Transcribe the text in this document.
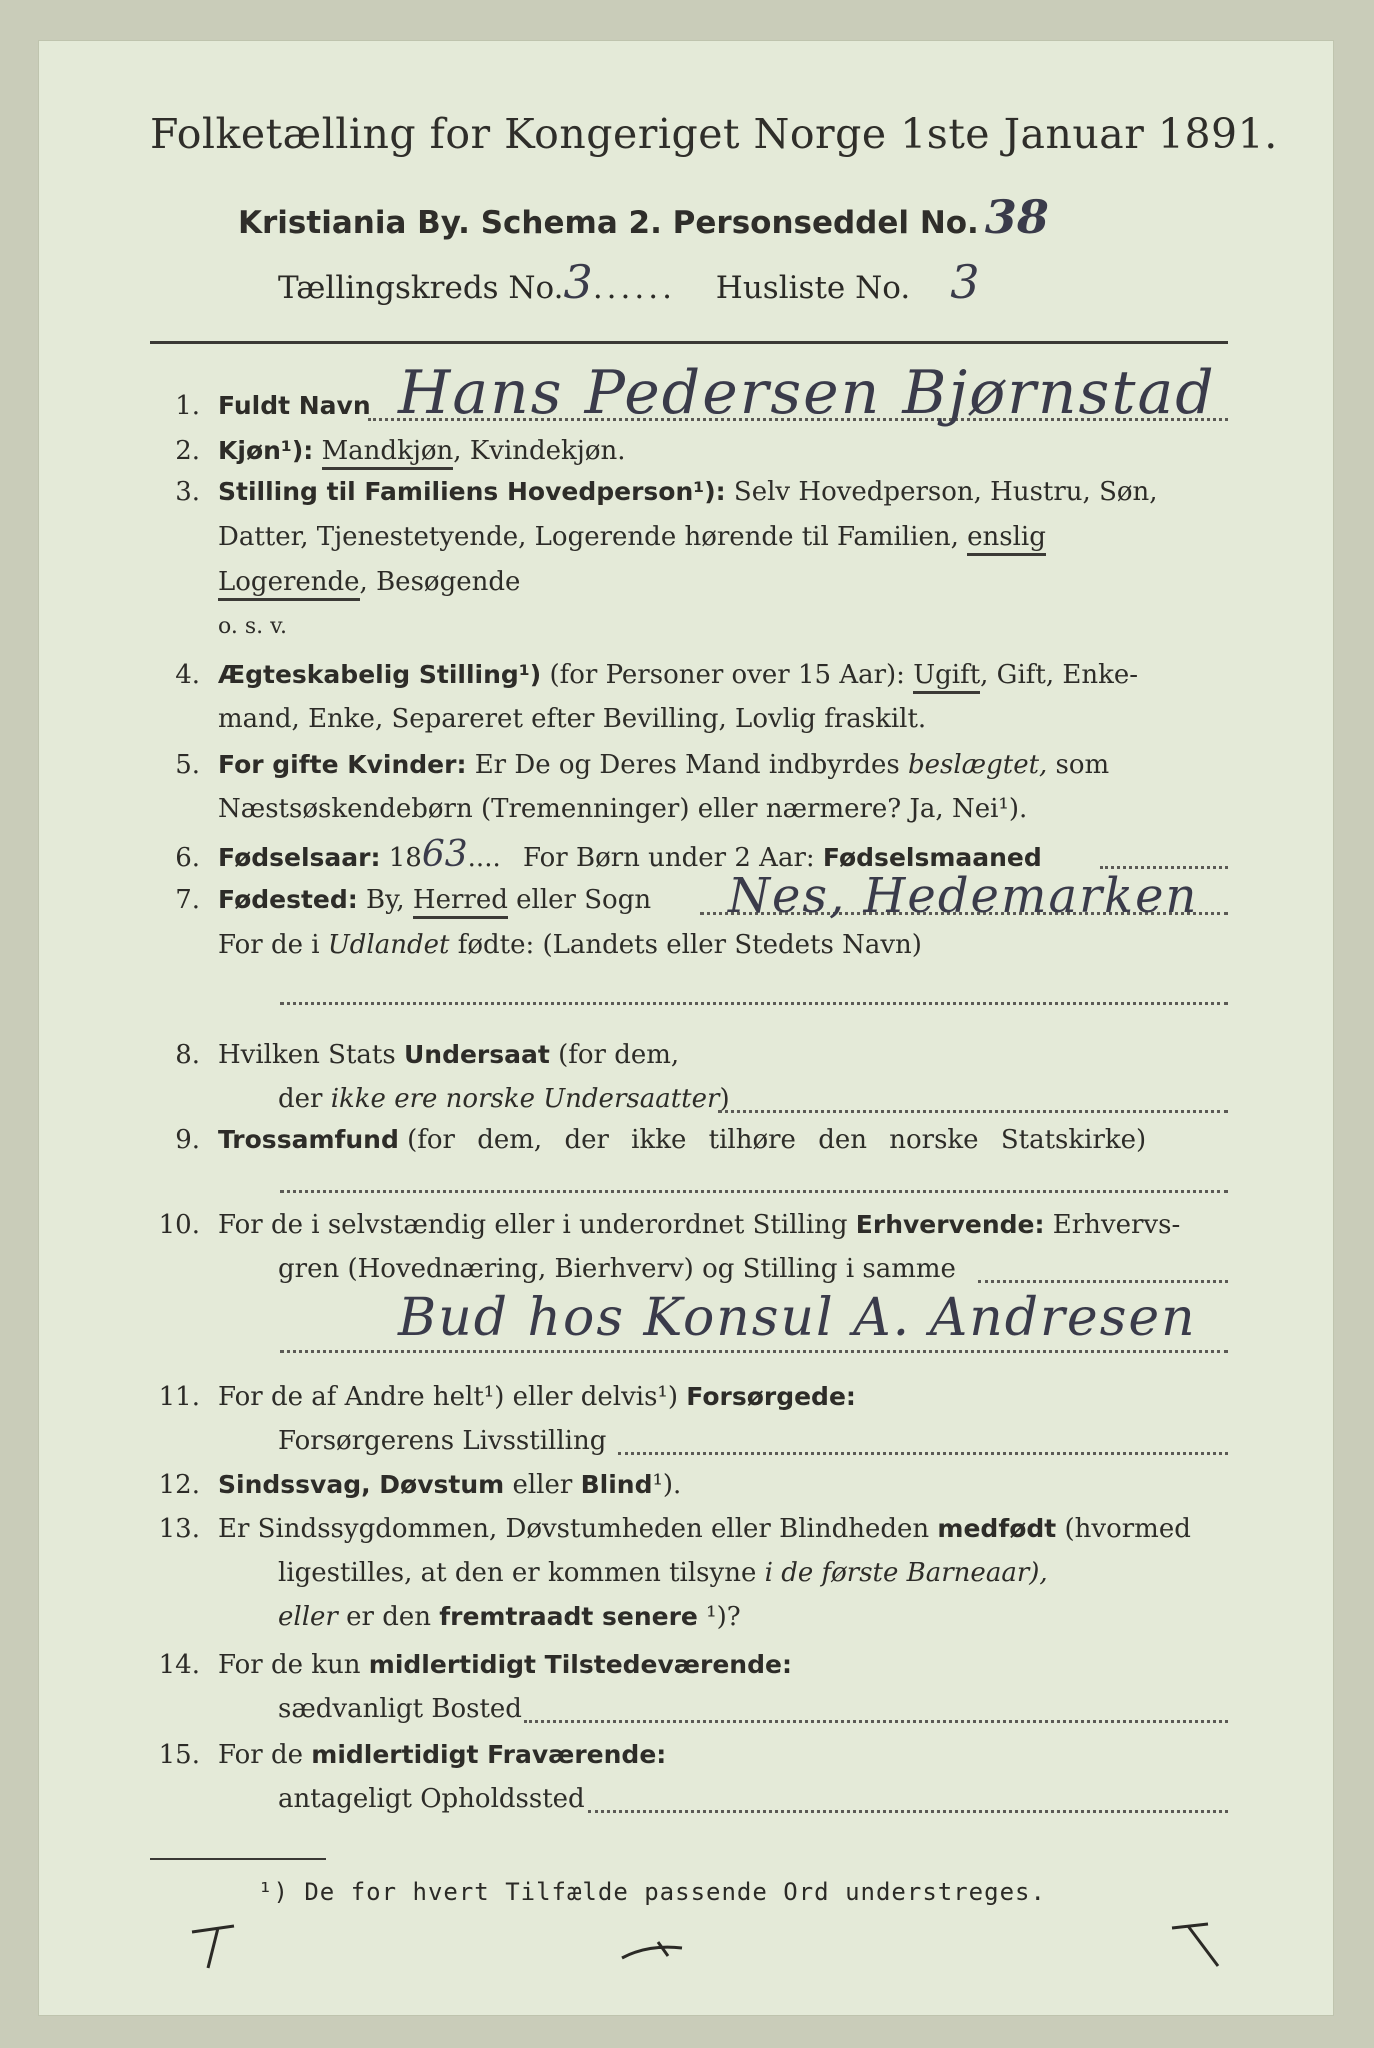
Folketælling for Kongeriget Norge 1ste Januar 1891.
Kristiania By. Schema 2. Personseddel No. 38
Tællingskreds No.3...... Husliste No. 3
1. Fuldt Navn Hans Pedersen Bjørnstad
2. Kjøn¹): Mandkjøn, Kvindekjøn.
3. Stilling til Familiens Hovedperson¹): Selv Hovedperson, Hustru, Søn,
Datter, Tjenestetyende, Logerende hørende til Familien, enslig
Logerende, Besøgende
o. s. v.
4. Ægteskabelig Stilling¹) (for Personer over 15 Aar): Ugift, Gift, Enke-
mand, Enke, Separeret efter Bevilling, Lovlig fraskilt.
5. For gifte Kvinder: Er De og Deres Mand indbyrdes beslægtet, som
Næstsøskendebørn (Tremenninger) eller nærmere? Ja, Nei¹).
6. Fødselsaar: 1863.... For Børn under 2 Aar: Fødselsmaaned
7. Fødested: By, Herred eller Sogn Nes, Hedemarken
For de i Udlandet fødte: (Landets eller Stedets Navn)
8. Hvilken Stats Undersaat (for dem,
der ikke ere norske Undersaatter)
9. Trossamfund (for dem, der ikke tilhøre den norske Statskirke)
10. For de i selvstændig eller i underordnet Stilling Erhvervende: Erhvervs-
gren (Hovednæring, Bierhverv) og Stilling i samme
Bud hos Konsul A. Andresen
11. For de af Andre helt¹) eller delvis¹) Forsørgede:
Forsørgerens Livsstilling
12. Sindssvag, Døvstum eller Blind¹).
13. Er Sindssygdommen, Døvstumheden eller Blindheden medfødt (hvormed
ligestilles, at den er kommen tilsyne i de første Barneaar),
eller er den fremtraadt senere ¹)?
14. For de kun midlertidigt Tilstedeværende:
sædvanligt Bosted
15. For de midlertidigt Fraværende:
antageligt Opholdssted
¹) De for hvert Tilfælde passende Ord understreges.
